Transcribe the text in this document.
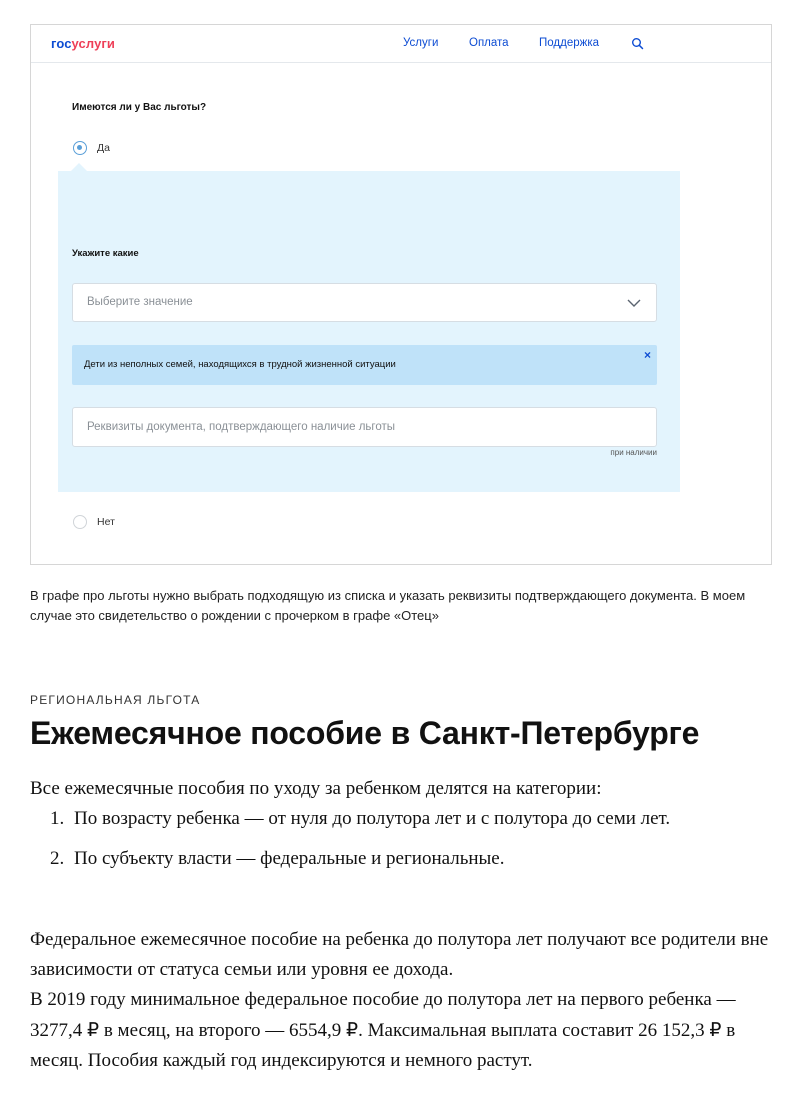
госуслуги	Услуги	Оплата	Поддержка
Имеются ли у Вас льготы?
Да
Укажите какие
Выберите значение
Дети из неполных семей, находящихся в трудной жизненной ситуации
×
Реквизиты документа, подтверждающего наличие льготы
при наличии
Нет

В графе про льготы нужно выбрать подходящую из списка и указать реквизиты подтверждающего документа. В моем случае это свидетельство о рождении с прочерком в графе «Отец»

РЕГИОНАЛЬНАЯ ЛЬГОТА
Ежемесячное пособие в Санкт-Петербурге

Все ежемесячные пособия по уходу за ребенком делятся на категории:

1. По возрасту ребенка — от нуля до полутора лет и с полутора до семи лет.
2. По субъекту власти — федеральные и региональные.

Федеральное ежемесячное пособие на ребенка до полутора лет получают все родители вне зависимости от статуса семьи или уровня ее дохода.

В 2019 году минимальное федеральное пособие до полутора лет на первого ребенка — 3277,4 ₽ в месяц, на второго — 6554,9 ₽. Максимальная выплата составит 26 152,3 ₽ в месяц. Пособия каждый год индексируются и немного растут.
